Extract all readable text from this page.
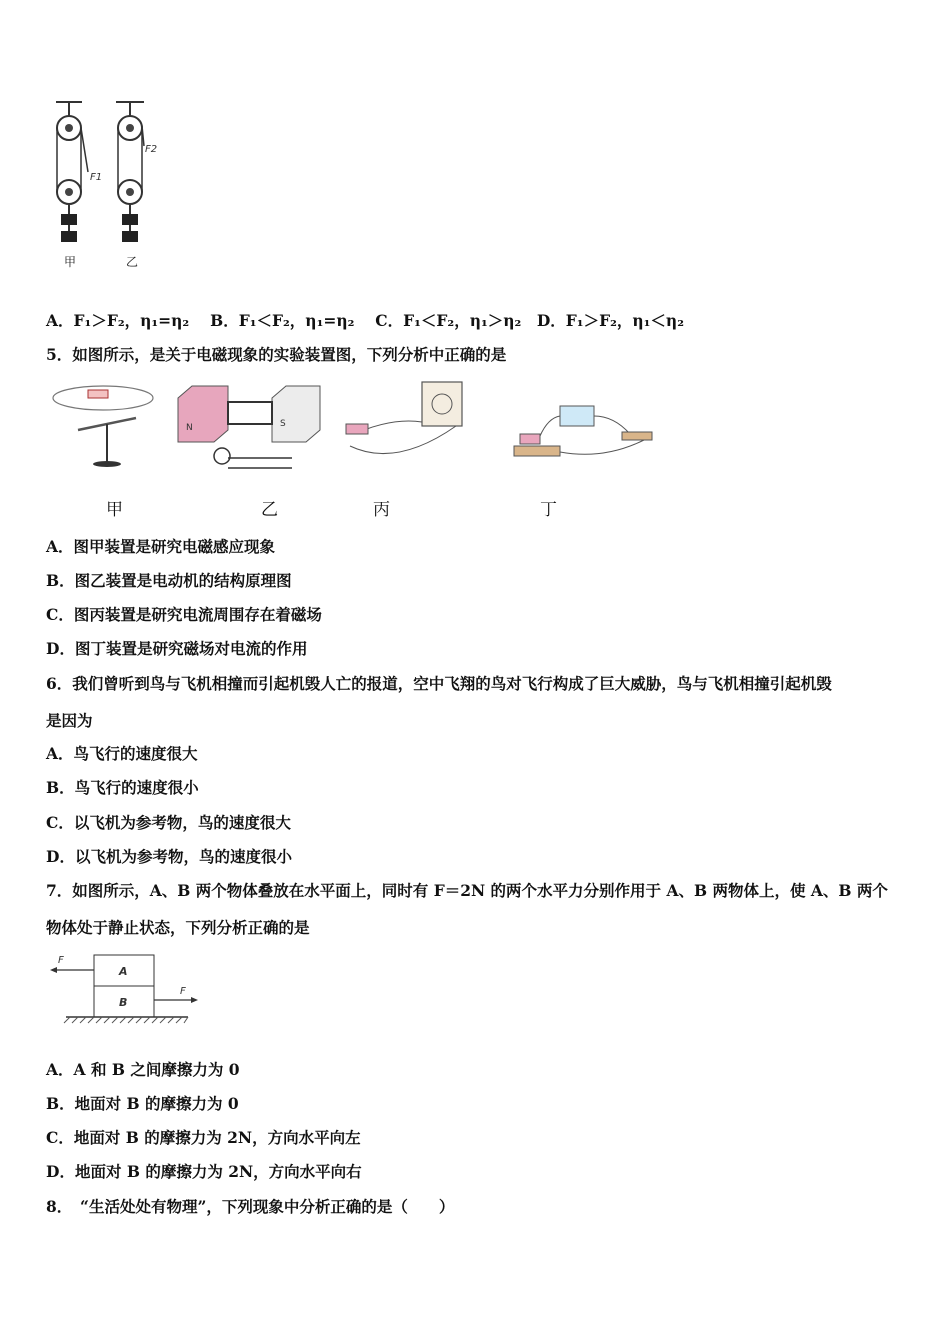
F1
F2
甲	乙
A．F₁＞F₂，η₁=η₂　 B．F₁＜F₂，η₁=η₂　 C．F₁＜F₂，η₁＞η₂　D．F₁＞F₂，η₁＜η₂
5．如图所示，是关于电磁现象的实验装置图，下列分析中正确的是
N	S
甲	乙	丙	丁
A．图甲装置是研究电磁感应现象
B．图乙装置是电动机的结构原理图
C．图丙装置是研究电流周围存在着磁场
D．图丁装置是研究磁场对电流的作用
6．我们曾听到鸟与飞机相撞而引起机毁人亡的报道，空中飞翔的鸟对飞行构成了巨大威胁，鸟与飞机相撞引起机毁
是因为
A．鸟飞行的速度很大
B．鸟飞行的速度很小
C．以飞机为参考物，鸟的速度很大
D．以飞机为参考物，鸟的速度很小
7．如图所示，A、B 两个物体叠放在水平面上，同时有 F＝2N 的两个水平力分别作用于 A、B 两物体上，使 A、B 两个
物体处于静止状态，下列分析正确的是
A
B
F
F
A．A 和 B 之间摩擦力为 0
B．地面对 B 的摩擦力为 0
C．地面对 B 的摩擦力为 2N，方向水平向左
D．地面对 B 的摩擦力为 2N，方向水平向右
8．　“生活处处有物理”，下列现象中分析正确的是（　　）
